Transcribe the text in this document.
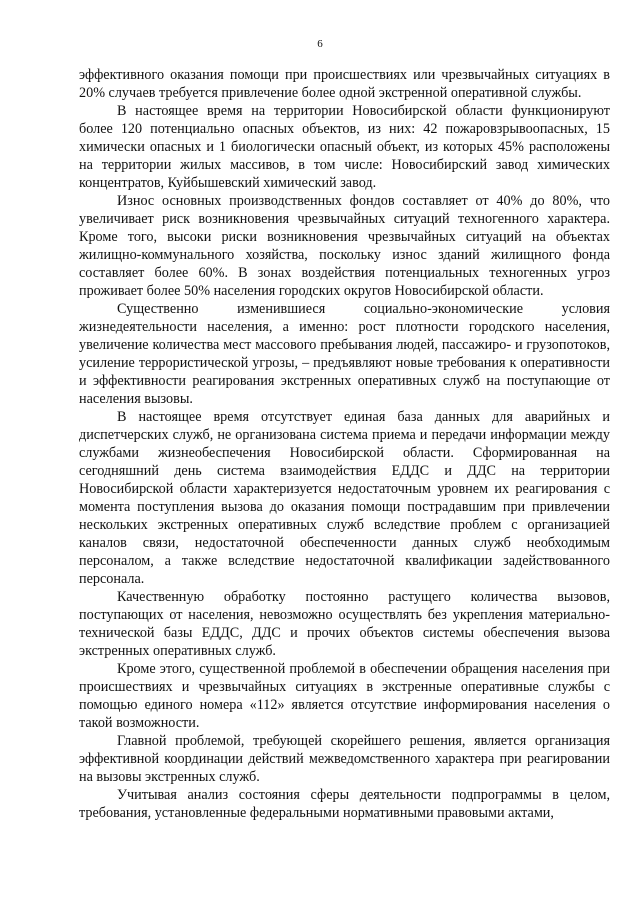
6

эффективного оказания помощи при происшествиях или чрезвычайных ситуациях в 20% случаев требуется привлечение более одной экстренной оперативной службы.

В настоящее время на территории Новосибирской области функционируют более 120 потенциально опасных объектов, из них: 42 пожаровзрывоопасных, 15 химически опасных и 1 биологически опасный объект, из которых 45% расположены на территории жилых массивов, в том числе: Новосибирский завод химических концентратов, Куйбышевский химический завод.

Износ основных производственных фондов составляет от 40% до 80%, что увеличивает риск возникновения чрезвычайных ситуаций техногенного характера. Кроме того, высоки риски возникновения чрезвычайных ситуаций на объектах жилищно-коммунального хозяйства, поскольку износ зданий жилищного фонда составляет более 60%. В зонах воздействия потенциальных техногенных угроз проживает более 50% населения городских округов Новосибирской области.

Существенно изменившиеся социально-экономические условия жизнедеятельности населения, а именно: рост плотности городского населения, увеличение количества мест массового пребывания людей, пассажиро- и грузопотоков, усиление террористической угрозы, – предъявляют новые требования к оперативности и эффективности реагирования экстренных оперативных служб на поступающие от населения вызовы.

В настоящее время отсутствует единая база данных для аварийных и диспетчерских служб, не организована система приема и передачи информации между службами жизнеобеспечения Новосибирской области. Сформированная на сегодняшний день система взаимодействия ЕДДС и ДДС на территории Новосибирской области характеризуется недостаточным уровнем их реагирования с момента поступления вызова до оказания помощи пострадавшим при привлечении нескольких экстренных оперативных служб вследствие проблем с организацией каналов связи, недостаточной обеспеченности данных служб необходимым персоналом, а также вследствие недостаточной квалификации задействованного персонала.

Качественную обработку постоянно растущего количества вызовов, поступающих от населения, невозможно осуществлять без укрепления материально-технической базы ЕДДС, ДДС и прочих объектов системы обеспечения вызова экстренных оперативных служб.

Кроме этого, существенной проблемой в обеспечении обращения населения при происшествиях и чрезвычайных ситуациях в экстренные оперативные службы с помощью единого номера «112» является отсутствие информирования населения о такой возможности.

Главной проблемой, требующей скорейшего решения, является организация эффективной координации действий межведомственного характера при реагировании на вызовы экстренных служб.

Учитывая анализ состояния сферы деятельности подпрограммы в целом, требования, установленные федеральными нормативными правовыми актами,
